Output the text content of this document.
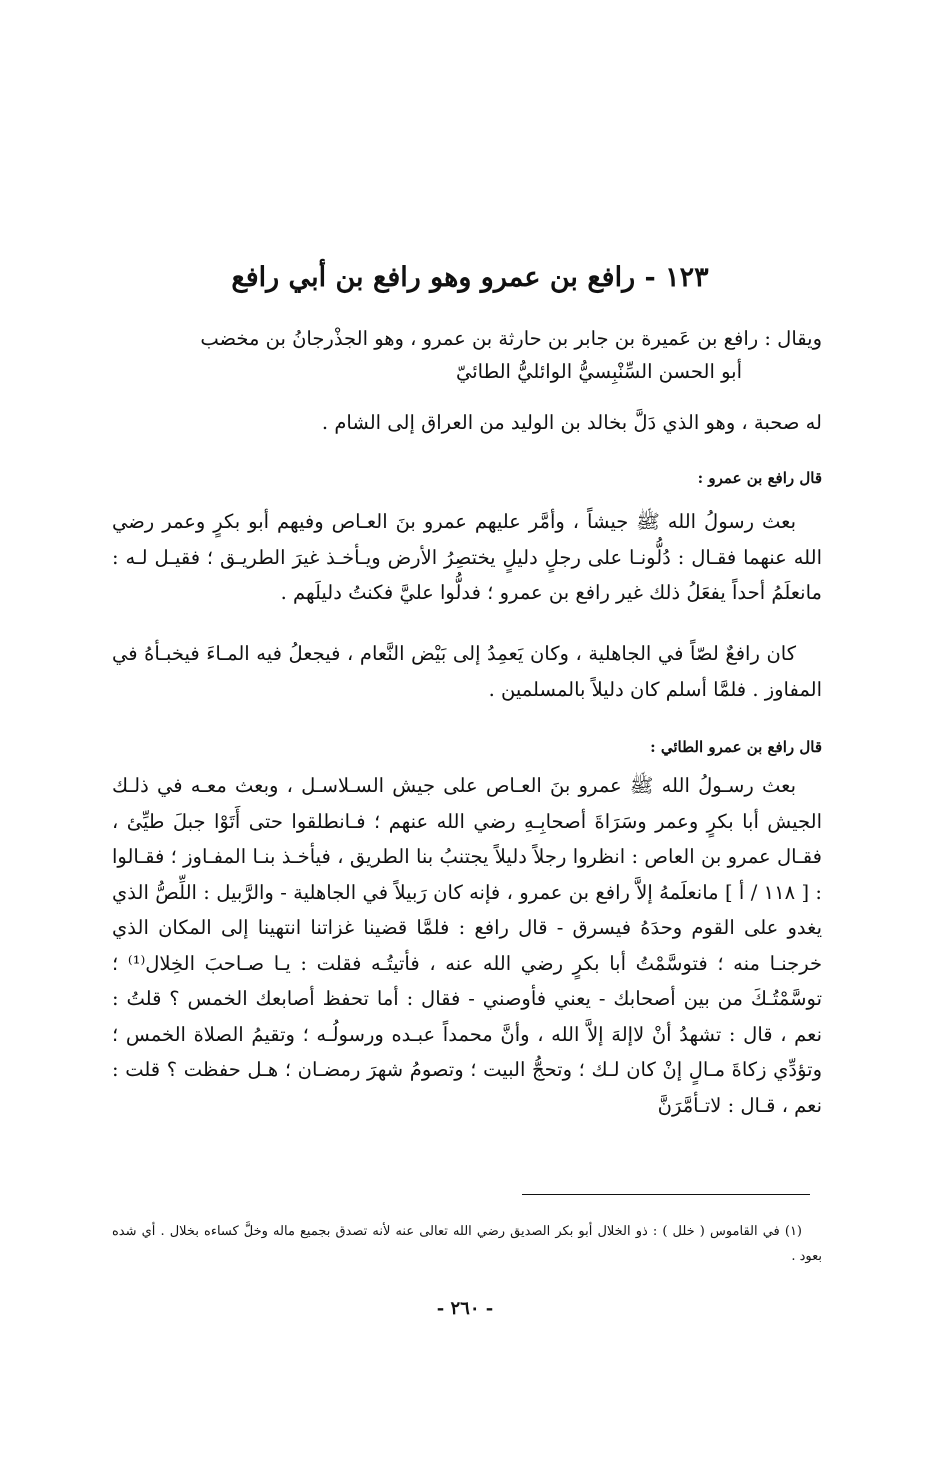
١٢٣ - رافع بن عمرو وهو رافع بن أبي رافع
ويقال : رافع بن عَميرة بن جابر بن حارثة بن عمرو ، وهو الجذْرجانُ بن مخضب
أبو الحسن السِّنْبِسيُّ الوائليُّ الطائيّ
له صحبة ، وهو الذي دَلَّ بخالد بن الوليد من العراق إلى الشام .
قال رافع بن عمرو :
بعث رسولُ الله ﷺ جيشاً ، وأمَّر عليهم عمرو بنَ العـاص وفيهم أبو بكرٍ وعمر رضي الله عنهما فقـال : دُلُّونـا على رجلٍ دليلٍ يختصِرُ الأرض ويـأخـذ غيرَ الطريـق ؛ فقيـل لـه : مانعلَمُ أحداً يفعَلُ ذلك غير رافع بن عمرو ؛ فدلُّوا عليَّ فكنتُ دليلَهم .
كان رافعٌ لصّاً في الجاهلية ، وكان يَعمِدُ إلى بَيْض النَّعام ، فيجعلُ فيه المـاءَ فيخبـأهُ في المفاوز . فلمَّا أسلم كان دليلاً بالمسلمين .
قال رافع بن عمرو الطائي :
بعث رسـولُ الله ﷺ عمرو بنَ العـاص على جيش السـلاسـل ، وبعث معـه في ذلـك الجيش أبا بكرٍ وعمر وسَرَاةَ أصحابِـهِ رضي الله عنهم ؛ فـانطلقوا حتى أَتَوْا جبلَ طيِّئ ، فقـال عمرو بن العاص : انظروا رجلاً دليلاً يجتنبُ بنا الطريق ، فيأخـذ بنـا المفـاوز ؛ فقـالوا : [ ١١٨ / أ ] مانعلَمهُ إلاَّ رافع بن عمرو ، فإنه كان رَبيلاً في الجاهلية - والرَّبيل : اللِّصُّ الذي يغدو على القوم وحدَهُ فيسرق - قال رافع : فلمَّا قضينا غزاتنا انتهينا إلى المكان الذي خرجنـا منه ؛ فتوسَّمْتُ أبا بكرٍ رضي الله عنه ، فأتيتُـه فقلت : يـا صـاحبَ الخِلال⁽¹⁾ ؛ توسَّمْتُـكَ من بين أصحابك - يعني فأوصني - فقال : أما تحفظ أصابعك الخمس ؟ قلتُ : نعم ، قال : تشهدُ أنْ لاإلهَ إلاَّ الله ، وأنَّ محمداً عبـده ورسولُـه ؛ وتقيمُ الصلاة الخمس ؛ وتؤدِّي زكاةَ مـالٍ إنْ كان لـك ؛ وتحجُّ البيت ؛ وتصومُ شهرَ رمضـان ؛ هـل حفظت ؟ قلت : نعم ، قـال : لاتـأمَّرَنَّ
(١) في القاموس ( خلل ) : ذو الخلال أبو بكر الصديق رضي الله تعالى عنه لأنه تصدق بجميع ماله وخلَّ كساءه بخلال . أي شده بعود .
- ٢٦٠ -
